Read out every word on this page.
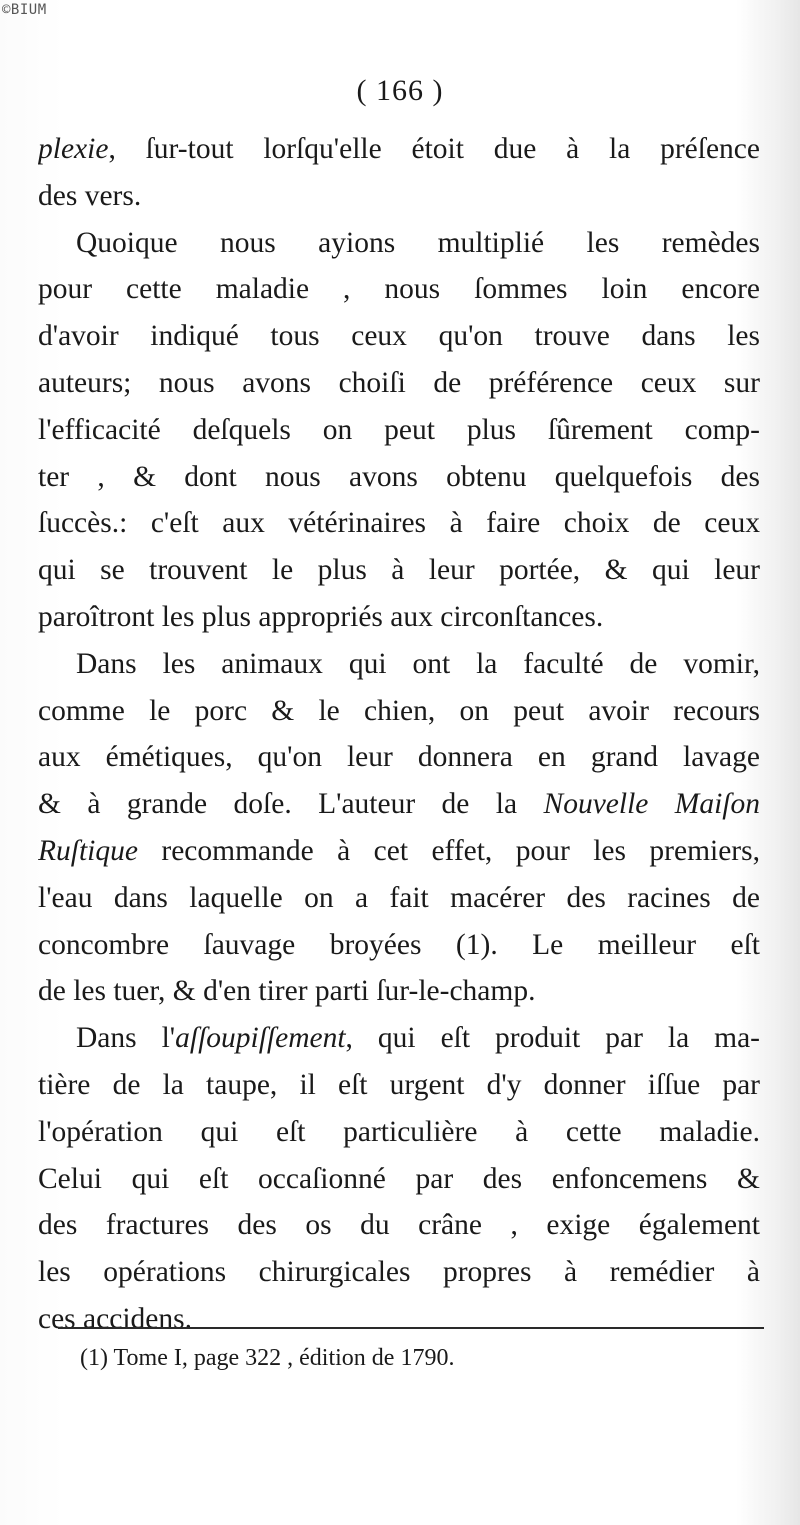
©BIUM
( 166 )
plexie, ſur-tout lorſqu'elle étoit due à la préſence
des vers.
Quoique nous ayions multiplié les remèdes
pour cette maladie , nous ſommes loin encore
d'avoir indiqué tous ceux qu'on trouve dans les
auteurs; nous avons choiſi de préférence ceux sur
l'efficacité deſquels on peut plus ſûrement comp-
ter , & dont nous avons obtenu quelquefois des
ſuccès.: c'eſt aux vétérinaires à faire choix de ceux
qui se trouvent le plus à leur portée, & qui leur
paroîtront les plus appropriés aux circonſtances.
Dans les animaux qui ont la faculté de vomir,
comme le porc & le chien, on peut avoir recours
aux émétiques, qu'on leur donnera en grand lavage
& à grande doſe. L'auteur de la Nouvelle Maiſon
Ruſtique recommande à cet effet, pour les premiers,
l'eau dans laquelle on a fait macérer des racines de
concombre ſauvage broyées (1). Le meilleur eſt
de les tuer, & d'en tirer parti ſur-le-champ.
Dans l'aſſoupiſſement, qui eſt produit par la ma-
tière de la taupe, il eſt urgent d'y donner iſſue par
l'opération qui eſt particulière à cette maladie.
Celui qui eſt occaſionné par des enfoncemens &
des fractures des os du crâne , exige également
les opérations chirurgicales propres à remédier à
ces accidens.
(1) Tome I, page 322 , édition de 1790.
